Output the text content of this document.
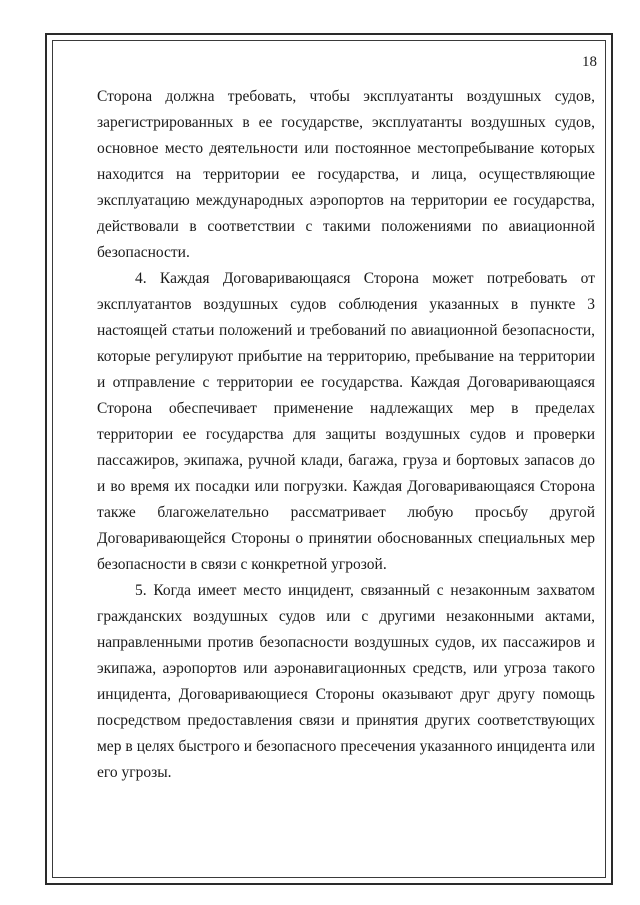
18

Сторона должна требовать, чтобы эксплуатанты воздушных судов, зарегистрированных в ее государстве, эксплуатанты воздушных судов, основное место деятельности или постоянное местопребывание которых находится на территории ее государства, и лица, осуществляющие эксплуатацию международных аэропортов на территории ее государства, действовали в соответствии с такими положениями по авиационной безопасности.

4. Каждая Договаривающаяся Сторона может потребовать от эксплуатантов воздушных судов соблюдения указанных в пункте 3 настоящей статьи положений и требований по авиационной безопасности, которые регулируют прибытие на территорию, пребывание на территории и отправление с территории ее государства. Каждая Договаривающаяся Сторона обеспечивает применение надлежащих мер в пределах территории ее государства для защиты воздушных судов и проверки пассажиров, экипажа, ручной клади, багажа, груза и бортовых запасов до и во время их посадки или погрузки. Каждая Договаривающаяся Сторона также благожелательно рассматривает любую просьбу другой Договаривающейся Стороны о принятии обоснованных специальных мер безопасности в связи с конкретной угрозой.

5. Когда имеет место инцидент, связанный с незаконным захватом гражданских воздушных судов или с другими незаконными актами, направленными против безопасности воздушных судов, их пассажиров и экипажа, аэропортов или аэронавигационных средств, или угроза такого инцидента, Договаривающиеся Стороны оказывают друг другу помощь посредством предоставления связи и принятия других соответствующих мер в целях быстрого и безопасного пресечения указанного инцидента или его угрозы.
